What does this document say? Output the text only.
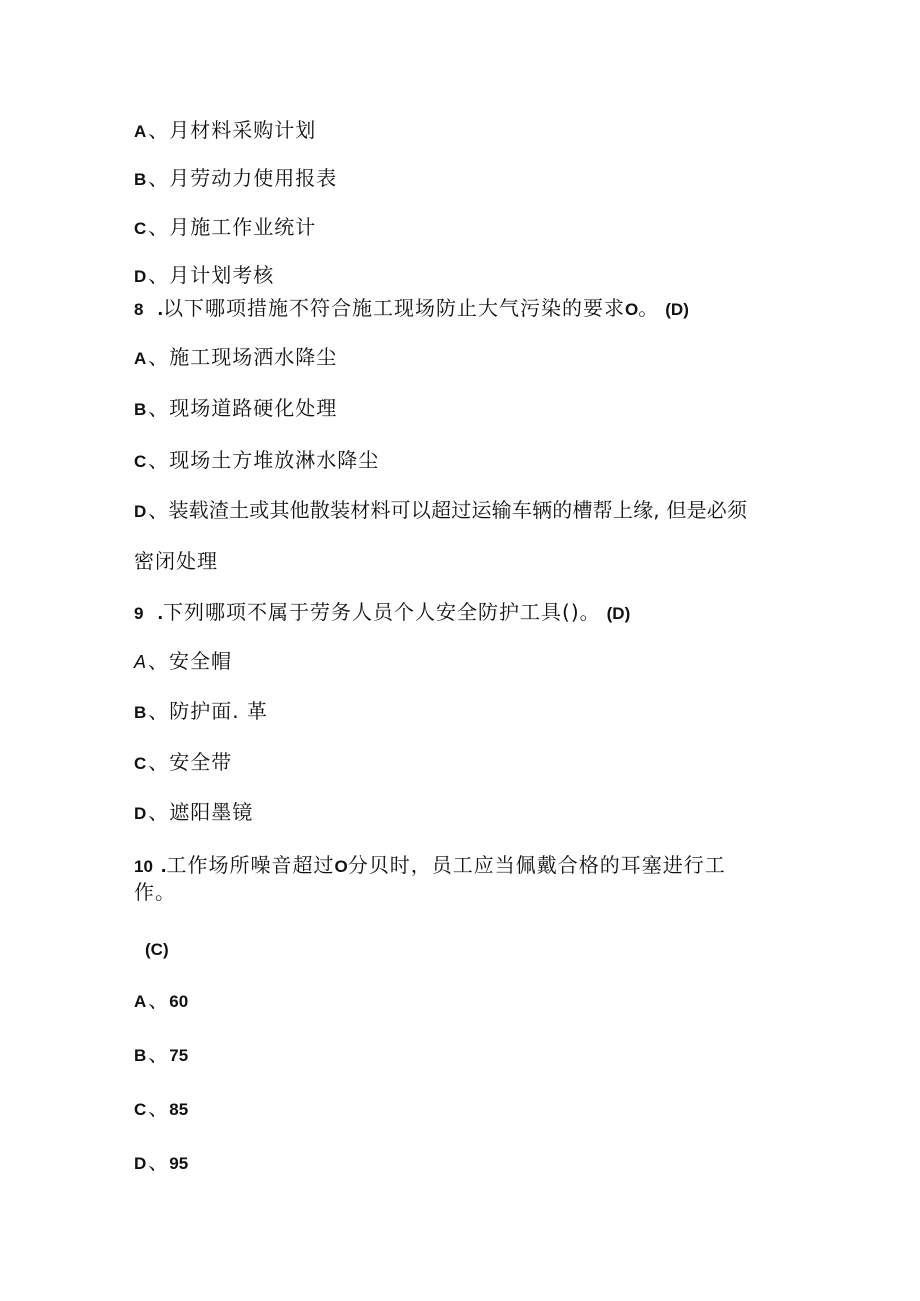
A 、月材料采购计划
B 、月劳动力使用报表
C 、月施工作业统计
D 、月计划考核
8 .以下哪项措施不符合施工现场防止大气污染的要求O。 (D)
A 、施工现场洒水降尘
B 、现场道路硬化处理
C 、现场土方堆放淋水降尘
D 、装载渣土或其他散装材料可以超过运输车辆的槽帮上缘, 但是必须
密闭处理
9 .下列哪项不属于劳务人员个人安全防护工具()。 (D)
A 、安全帽
B 、防护面. 革
C 、安全带
D 、遮阳墨镜
10 .工作场所噪音超过O分贝时，员工应当佩戴合格的耳塞进行工
作。
(C)
A 、60
B 、75
C 、85
D 、95
